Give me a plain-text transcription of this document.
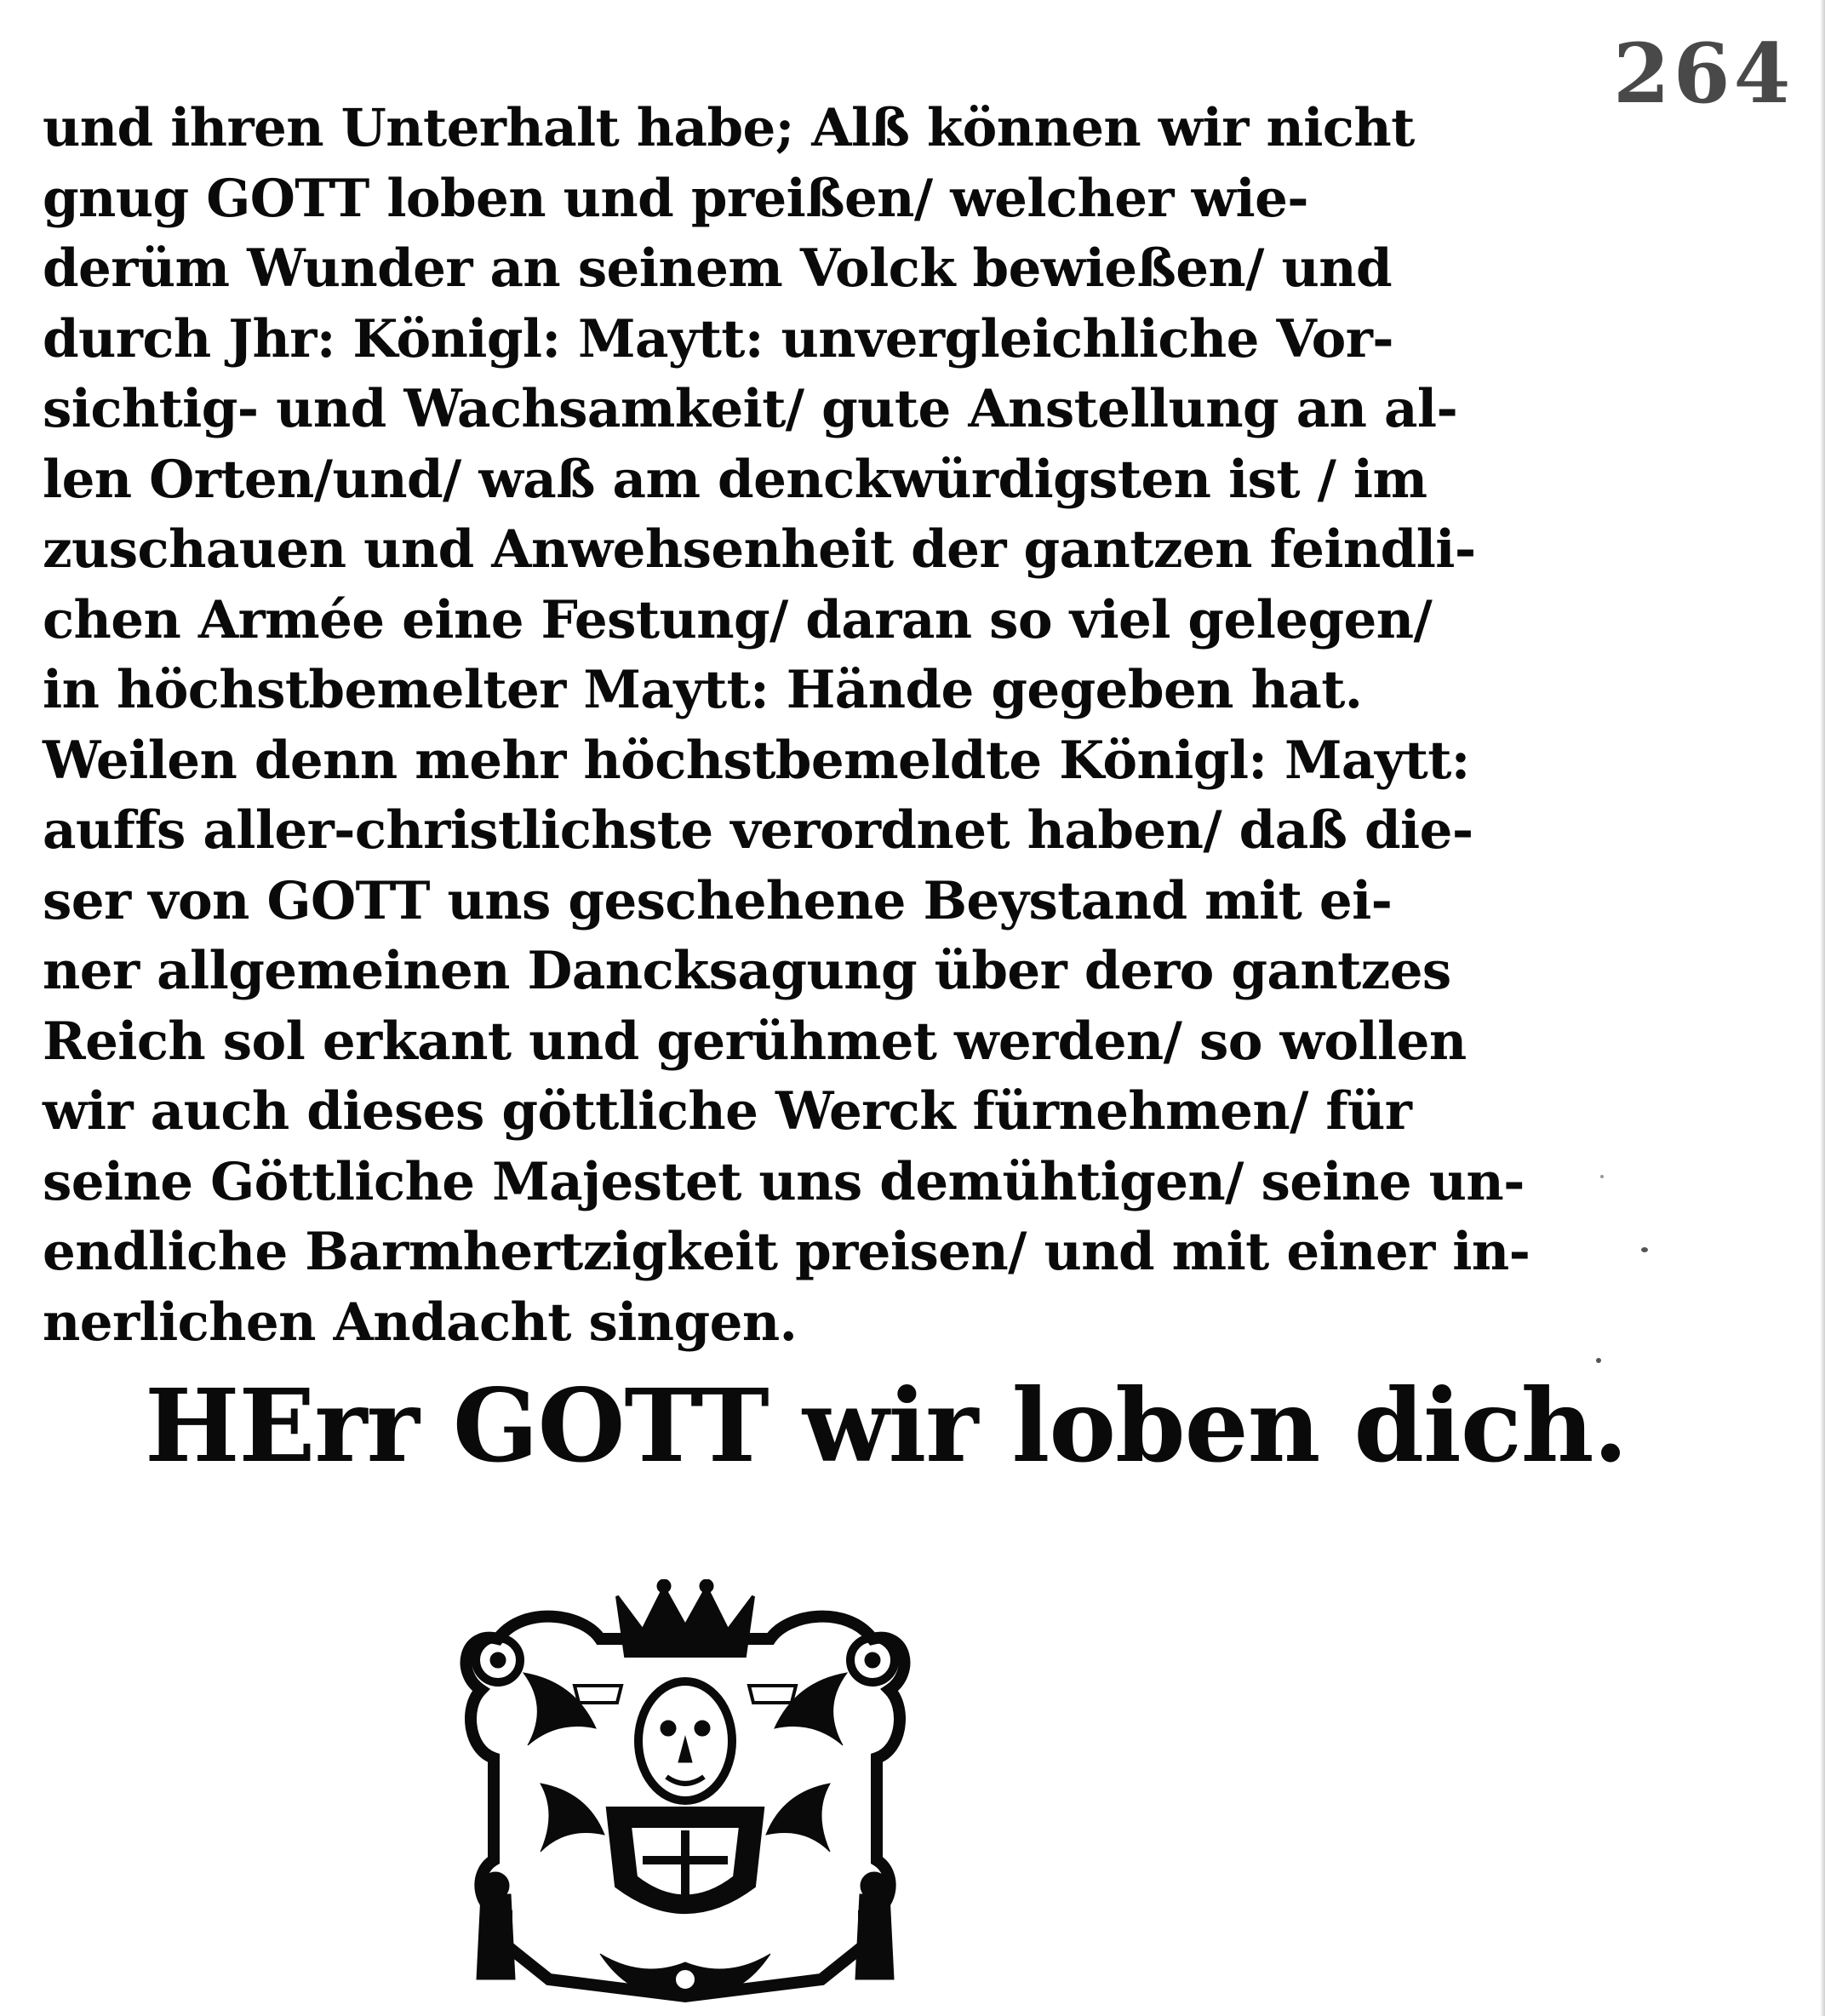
264
und ihren Unterhalt habe; Alß können wir nicht
gnug GOTT loben und preißen/ welcher wie-
derüm Wunder an seinem Volck bewießen/ und
durch Jhr: Königl: Maytt: unvergleichliche Vor-
sichtig- und Wachsamkeit/ gute Anstellung an al-
len Orten/und/ waß am denckwürdigsten ist / im
zuschauen und Anwehsenheit der gantzen feindli-
chen Armée eine Festung/ daran so viel gelegen/
in höchstbemelter Maytt: Hände gegeben hat.
Weilen denn mehr höchstbemeldte Königl: Maytt:
auffs aller-christlichste verordnet haben/ daß die-
ser von GOTT uns geschehene Beystand mit ei-
ner allgemeinen Dancksagung über dero gantzes
Reich sol erkant und gerühmet werden/ so wollen
wir auch dieses göttliche Werck fürnehmen/ für
seine Göttliche Majestet uns demühtigen/ seine un-
endliche Barmhertzigkeit preisen/ und mit einer in-
nerlichen Andacht singen.
HErr GOTT wir loben dich.
